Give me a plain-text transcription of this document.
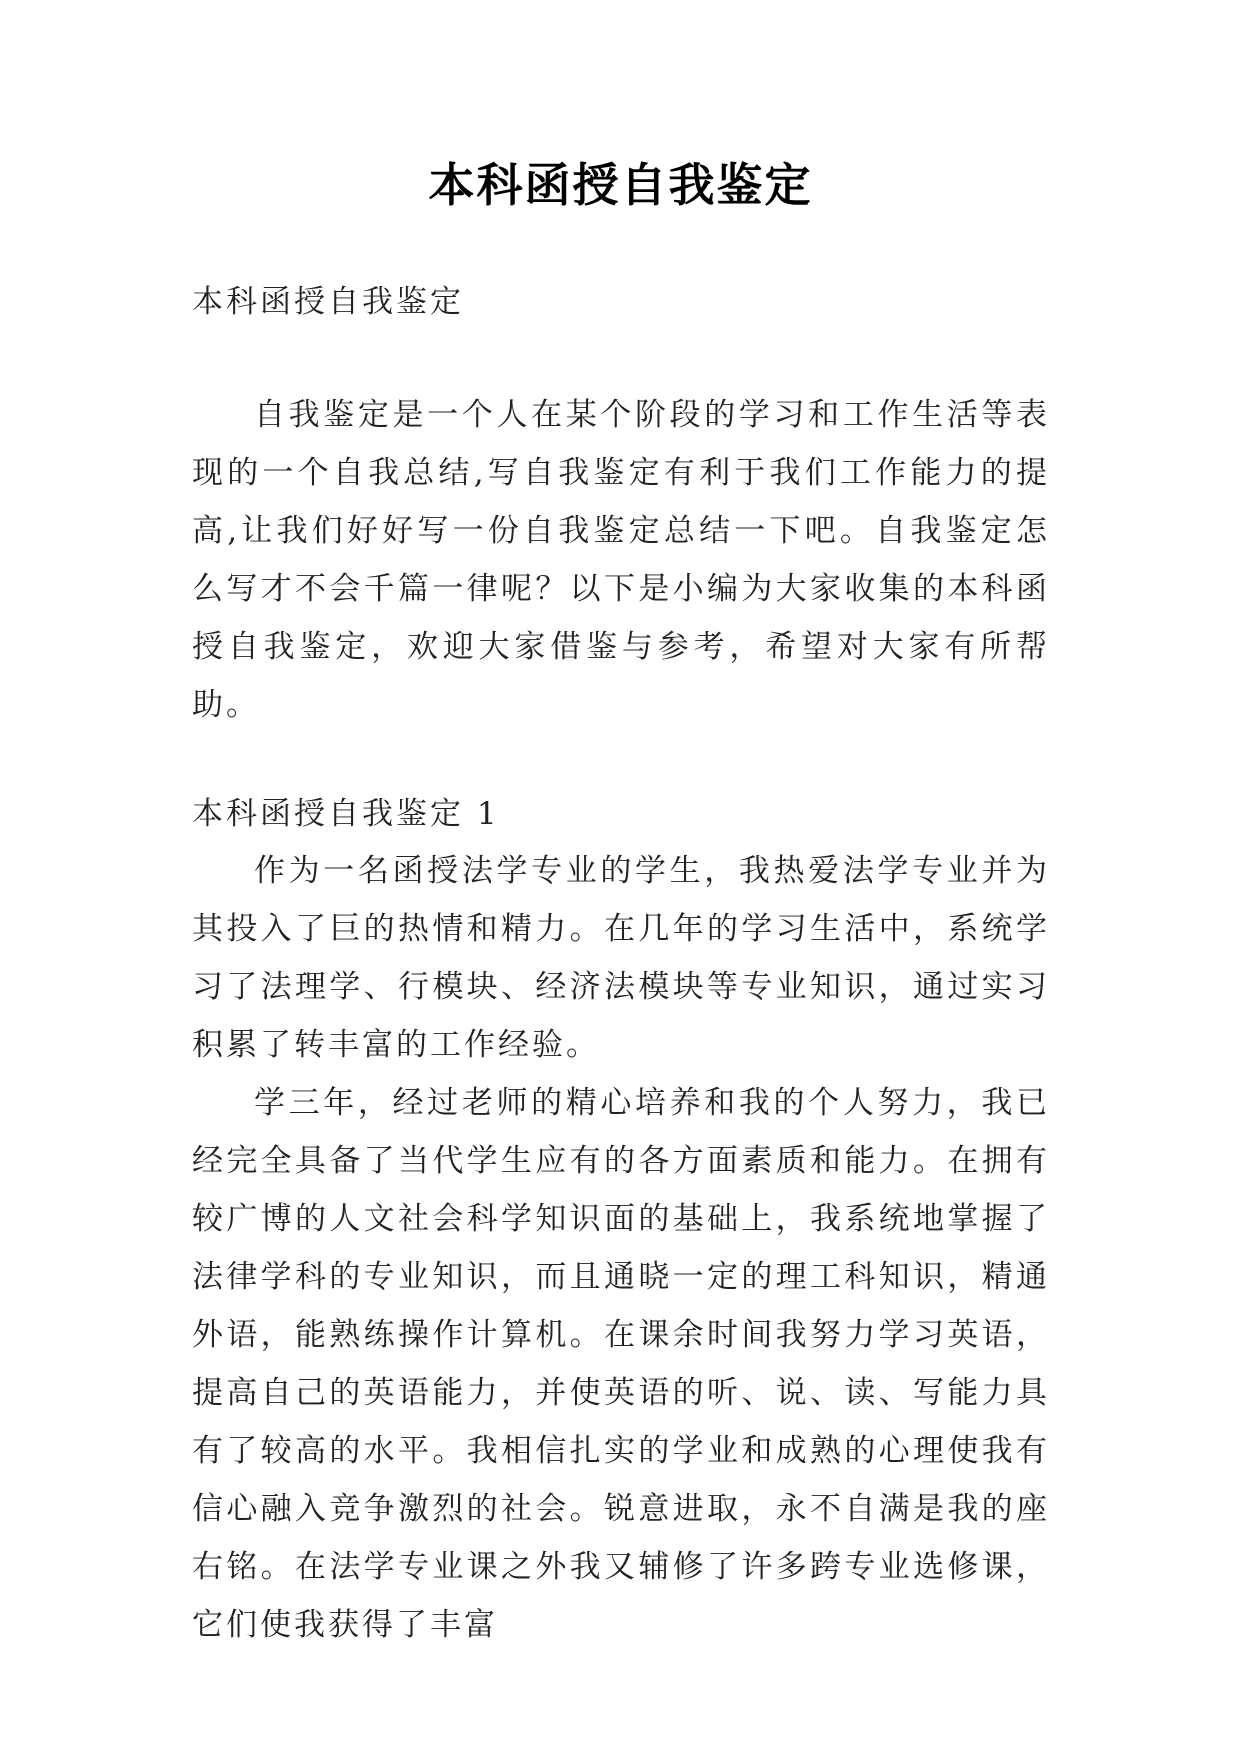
本科函授自我鉴定

本科函授自我鉴定

自我鉴定是一个人在某个阶段的学习和工作生活等表现的一个自我总结,写自我鉴定有利于我们工作能力的提高,让我们好好写一份自我鉴定总结一下吧。自我鉴定怎么写才不会千篇一律呢？以下是小编为大家收集的本科函授自我鉴定，欢迎大家借鉴与参考，希望对大家有所帮助。

本科函授自我鉴定 1

作为一名函授法学专业的学生，我热爱法学专业并为其投入了巨的热情和精力。在几年的学习生活中，系统学习了法理学、行模块、经济法模块等专业知识，通过实习积累了转丰富的工作经验。

学三年，经过老师的精心培养和我的个人努力，我已经完全具备了当代学生应有的各方面素质和能力。在拥有较广博的人文社会科学知识面的基础上，我系统地掌握了法律学科的专业知识，而且通晓一定的理工科知识，精通外语，能熟练操作计算机。在课余时间我努力学习英语，提高自己的英语能力，并使英语的听、说、读、写能力具有了较高的水平。我相信扎实的学业和成熟的心理使我有信心融入竞争激烈的社会。锐意进取，永不自满是我的座右铭。在法学专业课之外我又辅修了许多跨专业选修课，它们使我获得了丰富
